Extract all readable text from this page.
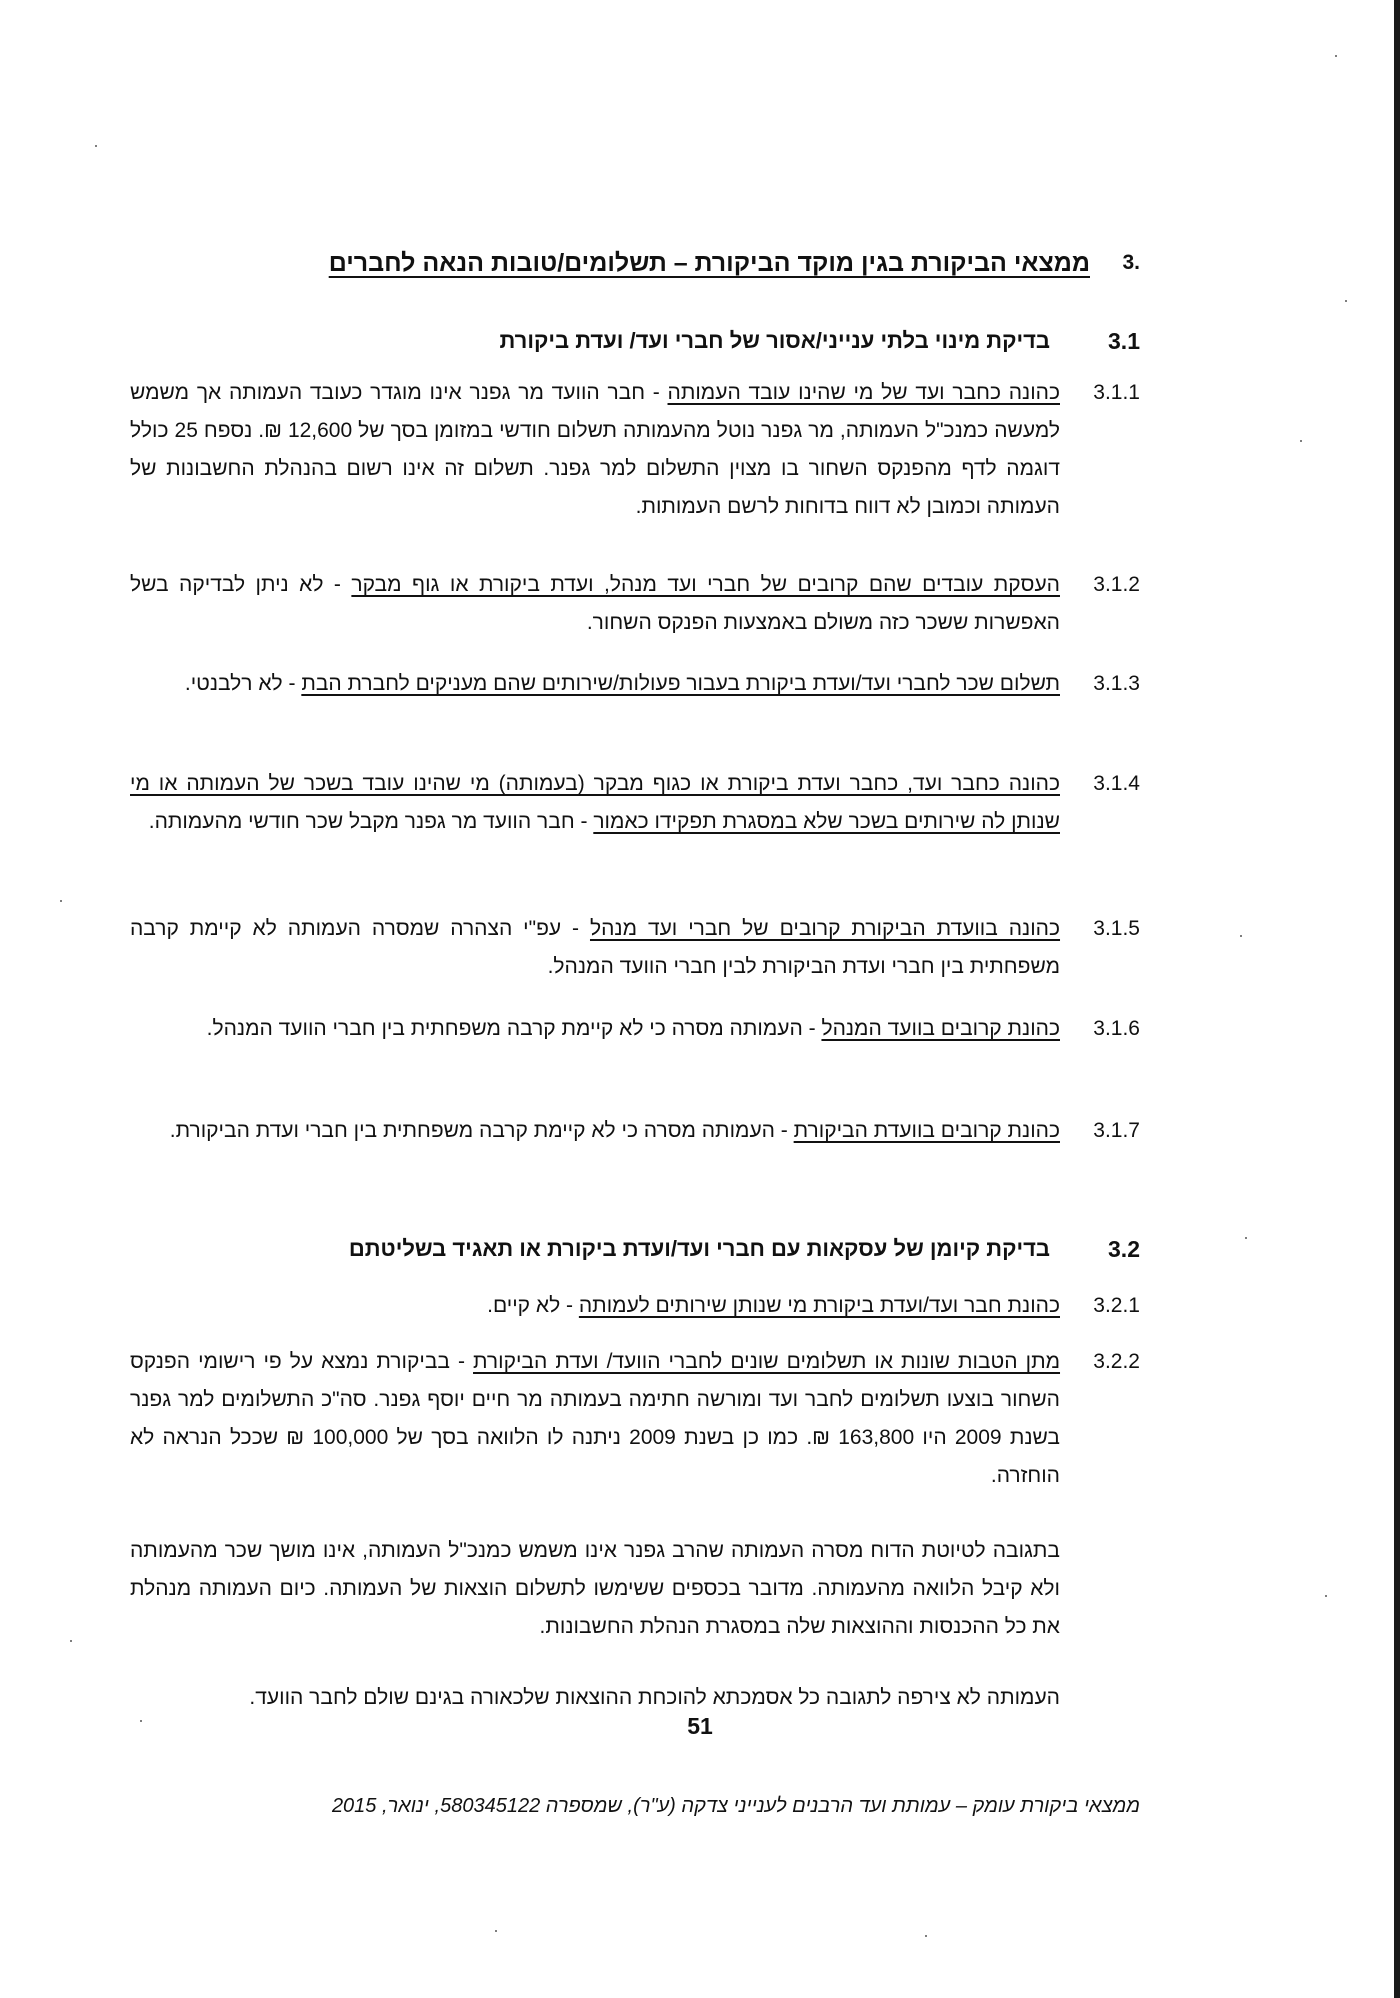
3.
ממצאי הביקורת בגין מוקד הביקורת – תשלומים/טובות הנאה לחברים
3.1
בדיקת מינוי בלתי ענייני/אסור של חברי ועד/ ועדת ביקורת
3.1.1
כהונה כחבר ועד של מי שהינו עובד העמותה - חבר הוועד מר גפנר אינו מוגדר כעובד העמותה אך משמש למעשה כמנכ"ל העמותה, מר גפנר נוטל מהעמותה תשלום חודשי במזומן בסך של 12,600 ₪. נספח 25 כולל דוגמה לדף מהפנקס השחור בו מצוין התשלום למר גפנר. תשלום זה אינו רשום בהנהלת החשבונות של העמותה וכמובן לא דווח בדוחות לרשם העמותות.
3.1.2
העסקת עובדים שהם קרובים של חברי ועד מנהל, ועדת ביקורת או גוף מבקר - לא ניתן לבדיקה בשל האפשרות ששכר כזה משולם באמצעות הפנקס השחור.
3.1.3
תשלום שכר לחברי ועד/ועדת ביקורת בעבור פעולות/שירותים שהם מעניקים לחברת הבת - לא רלבנטי.
3.1.4
כהונה כחבר ועד, כחבר ועדת ביקורת או כגוף מבקר (בעמותה) מי שהינו עובד בשכר של העמותה או מי שנותן לה שירותים בשכר שלא במסגרת תפקידו כאמור - חבר הוועד מר גפנר מקבל שכר חודשי מהעמותה.
3.1.5
כהונה בוועדת הביקורת קרובים של חברי ועד מנהל - עפ"י הצהרה שמסרה העמותה לא קיימת קרבה משפחתית בין חברי ועדת הביקורת לבין חברי הוועד המנהל.
3.1.6
כהונת קרובים בוועד המנהל - העמותה מסרה כי לא קיימת קרבה משפחתית בין חברי הוועד המנהל.
3.1.7
כהונת קרובים בוועדת הביקורת - העמותה מסרה כי לא קיימת קרבה משפחתית בין חברי ועדת הביקורת.
3.2
בדיקת קיומן של עסקאות עם חברי ועד/ועדת ביקורת או תאגיד בשליטתם
3.2.1
כהונת חבר ועד/ועדת ביקורת מי שנותן שירותים לעמותה - לא קיים.
3.2.2
מתן הטבות שונות או תשלומים שונים לחברי הוועד/ ועדת הביקורת - בביקורת נמצא על פי רישומי הפנקס השחור בוצעו תשלומים לחבר ועד ומורשה חתימה בעמותה מר חיים יוסף גפנר. סה"כ התשלומים למר גפנר בשנת 2009 היו 163,800 ₪. כמו כן בשנת 2009 ניתנה לו הלוואה בסך של 100,000 ₪ שככל הנראה לא הוחזרה.
בתגובה לטיוטת הדוח מסרה העמותה שהרב גפנר אינו משמש כמנכ"ל העמותה, אינו מושך שכר מהעמותה ולא קיבל הלוואה מהעמותה. מדובר בכספים ששימשו לתשלום הוצאות של העמותה. כיום העמותה מנהלת את כל ההכנסות וההוצאות שלה במסגרת הנהלת החשבונות.
העמותה לא צירפה לתגובה כל אסמכתא להוכחת ההוצאות שלכאורה בגינם שולם לחבר הוועד.
51
ממצאי ביקורת עומק – עמותת ועד הרבנים לענייני צדקה (ע"ר), שמספרה 580345122, ינואר, 2015
